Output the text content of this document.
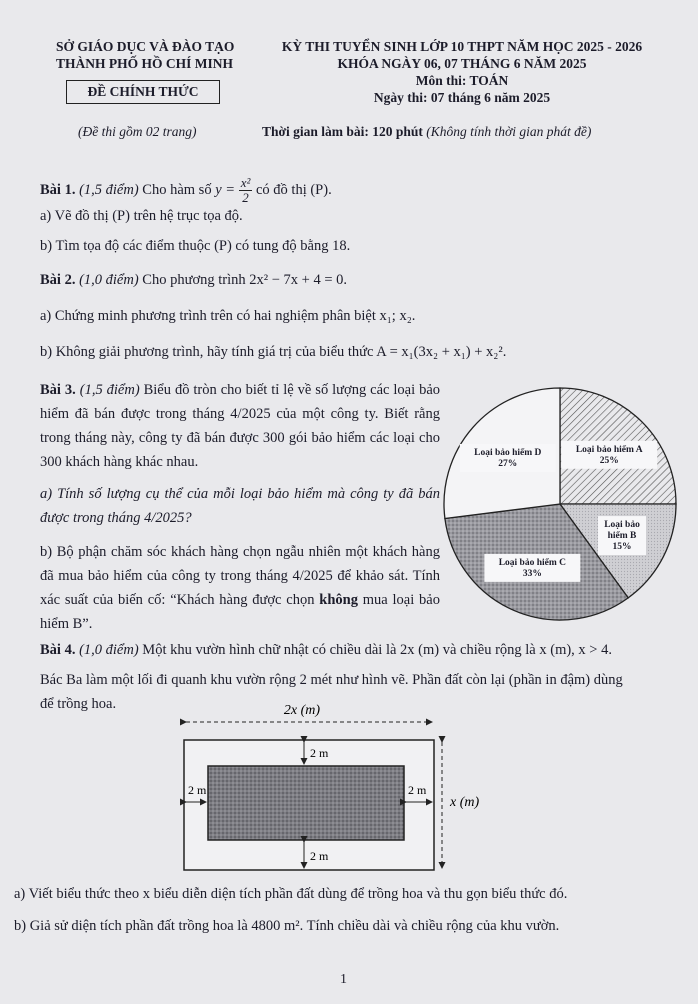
SỞ GIÁO DỤC VÀ ĐÀO TẠO
THÀNH PHỐ HỒ CHÍ MINH
ĐỀ CHÍNH THỨC
(Đề thi gồm 02 trang)
KỲ THI TUYỂN SINH LỚP 10 THPT NĂM HỌC 2025 - 2026
KHÓA NGÀY 06, 07 THÁNG 6 NĂM 2025
Môn thi: TOÁN
Ngày thi: 07 tháng 6 năm 2025
Thời gian làm bài: 120 phút (Không tính thời gian phát đề)
Bài 1. (1,5 điểm) Cho hàm số $y = \frac{\text{x²}}{2}$ có đồ thị (P).
a) Vẽ đồ thị (P) trên hệ trục tọa độ.
b) Tìm tọa độ các điểm thuộc (P) có tung độ bằng 18.
Bài 2. (1,0 điểm) Cho phương trình 2x² − 7x + 4 = 0.
a) Chứng minh phương trình trên có hai nghiệm phân biệt x₁; x₂.
b) Không giải phương trình, hãy tính giá trị của biểu thức A = x₁(3x₂ + x₁) + x₂².
Bài 3. (1,5 điểm) Biểu đồ tròn cho biết tỉ lệ về số lượng các loại bảo hiểm đã bán được trong tháng 4/2025 của một công ty. Biết rằng trong tháng này, công ty đã bán được 300 gói bảo hiểm các loại cho 300 khách hàng khác nhau.
a) Tính số lượng cụ thể của mỗi loại bảo hiểm mà công ty đã bán được trong tháng 4/2025?
b) Bộ phận chăm sóc khách hàng chọn ngẫu nhiên một khách hàng đã mua bảo hiểm của công ty trong tháng 4/2025 để khảo sát. Tính xác suất của biến cố: “Khách hàng được chọn không mua loại bảo hiểm B”.
Loại bảo hiểm A
25%
Loại bảo
hiểm B
15%
Loại bảo hiểm C
33%
Loại bảo hiểm D
27%
Bài 4. (1,0 điểm) Một khu vườn hình chữ nhật có chiều dài là 2x (m) và chiều rộng là x (m), x > 4.
Bác Ba làm một lối đi quanh khu vườn rộng 2 mét như hình vẽ. Phần đất còn lại (phần in đậm) dùng
để trồng hoa.	2x (m)
x (m)
2 m
2 m
2 m	2 m
a) Viết biểu thức theo x biểu diễn diện tích phần đất dùng để trồng hoa và thu gọn biểu thức đó.
b) Giả sử diện tích phần đất trồng hoa là 4800 m². Tính chiều dài và chiều rộng của khu vườn.
1
